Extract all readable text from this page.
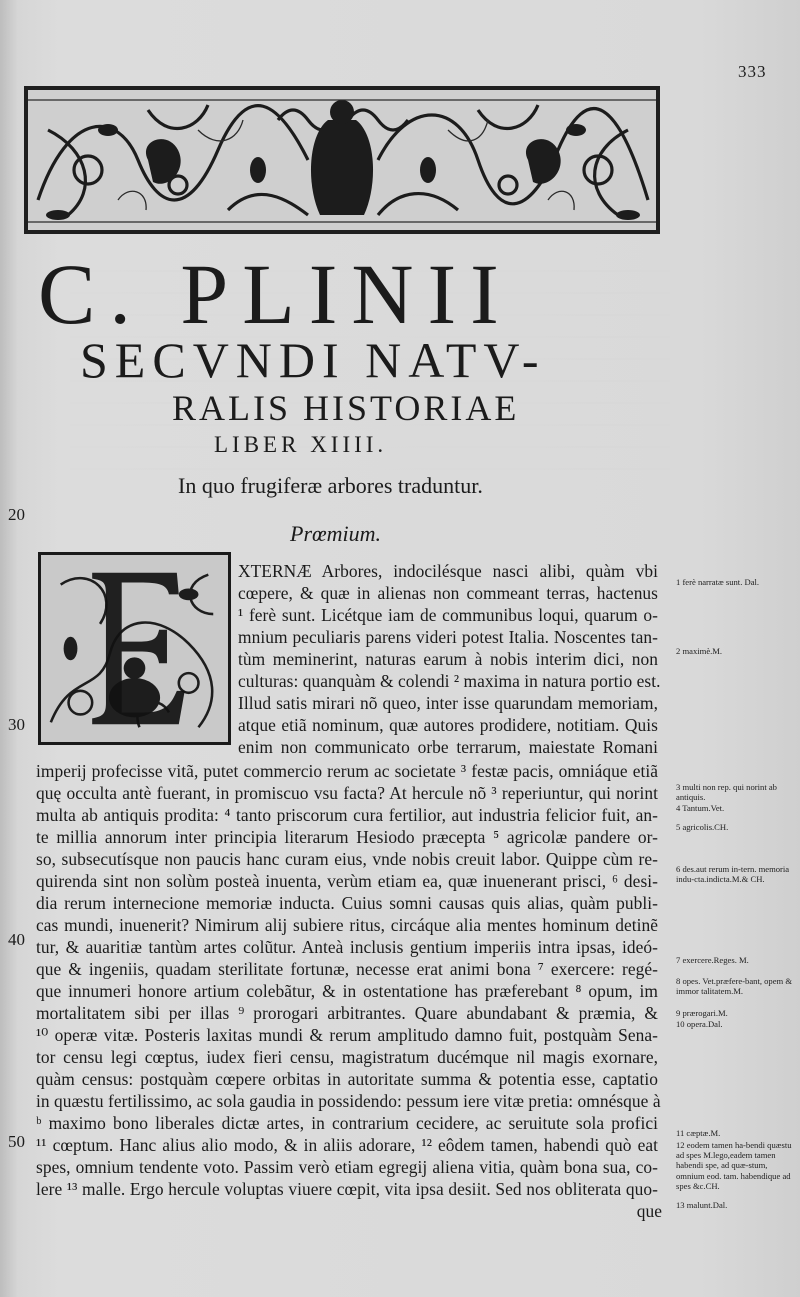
333
C. PLINII
SECVNDI NATV-
RALIS HISTORIAE
LIBER XIIII.
In quo frugiferæ arbores traduntur.
Prœmium.
20
30
40
50
XTERNÆ Arbores, indocilésque nasci alibi, quàm vbi
cœpere, & quæ in alienas non commeant terras, hactenus
¹ ferè sunt. Licétque iam de communibus loqui, quarum o-
mnium peculiaris parens videri potest Italia. Noscentes tan-
tùm meminerint, naturas earum à nobis interim dici, non
culturas: quanquàm & colendi ² maxima in natura portio est.
Illud satis mirari nõ queo, inter isse quarundam memoriam,
atque etiã nominum, quæ autores prodidere, notitiam. Quis
enim non communicato orbe terrarum, maiestate Romani
imperij profecisse vitã, putet commercio rerum ac societate ³ festæ pacis, omniáque etiã
quę occulta antè fuerant, in promiscuo vsu facta? At hercule nõ ³ reperiuntur, qui norint
multa ab antiquis prodita: ⁴ tanto priscorum cura fertilior, aut industria felicior fuit, an-
te millia annorum inter principia literarum Hesiodo præcepta ⁵ agricolæ pandere or-
so, subsecutísque non paucis hanc curam eius, vnde nobis creuit labor. Quippe cùm re-
quirenda sint non solùm posteà inuenta, verùm etiam ea, quæ inuenerant prisci, ⁶ desi-
dia rerum internecione memoriæ inducta. Cuius somni causas quis alias, quàm publi-
cas mundi, inuenerit? Nimirum alij subiere ritus, circáque alia mentes hominum detinẽ
tur, & auaritiæ tantùm artes colũtur. Anteà inclusis gentium imperiis intra ipsas, ideó-
que & ingeniis, quadam sterilitate fortunæ, necesse erat animi bona ⁷ exercere: regé-
que innumeri honore artium colebãtur, & in ostentatione has præferebant ⁸ opum, im
mortalitatem sibi per illas ⁹ prorogari arbitrantes. Quare abundabant & præmia, &
¹⁰ operæ vitæ. Posteris laxitas mundi & rerum amplitudo damno fuit, postquàm Sena-
tor censu legi cœptus, iudex fieri censu, magistratum ducémque nil magis exornare,
quàm census: postquàm cœpere orbitas in autoritate summa & potentia esse, captatio
in quæstu fertilissimo, ac sola gaudia in possidendo: pessum iere vitæ pretia: omnésque à
ᵇ maximo bono liberales dictæ artes, in contrarium cecidere, ac seruitute sola profici
¹¹ cœptum. Hanc alius alio modo, & in aliis adorare, ¹² eôdem tamen, habendi quò eat
spes, omnium tendente voto. Passim verò etiam egregij aliena vitia, quàm bona sua, co-
lere ¹³ malle. Ergo hercule voluptas viuere cœpit, vita ipsa desiit. Sed nos obliterata quo-
que
1 ferè narratæ sunt. Dal.
2 maximè.M.
3 multi non rep. qui norint ab antiquis.
4 Tantum.Vet.
5 agricolis.CH.
6 des.aut rerum in-tern. memoria indu-cta.indicta.M.& CH.
7 exercere.Reges. M.
8 opes. Vet.præfere-bant, opem & immor talitatem.M.
9 prærogari.M.
10 opera.Dal.
11 cæptæ.M.
12 eodem tamen ha-bendi quæstu ad spes M.lego,eadem tamen habendi spe, ad quæ-stum, omnium eod. tam. habendique ad spes &c.CH.
13 malunt.Dal.
